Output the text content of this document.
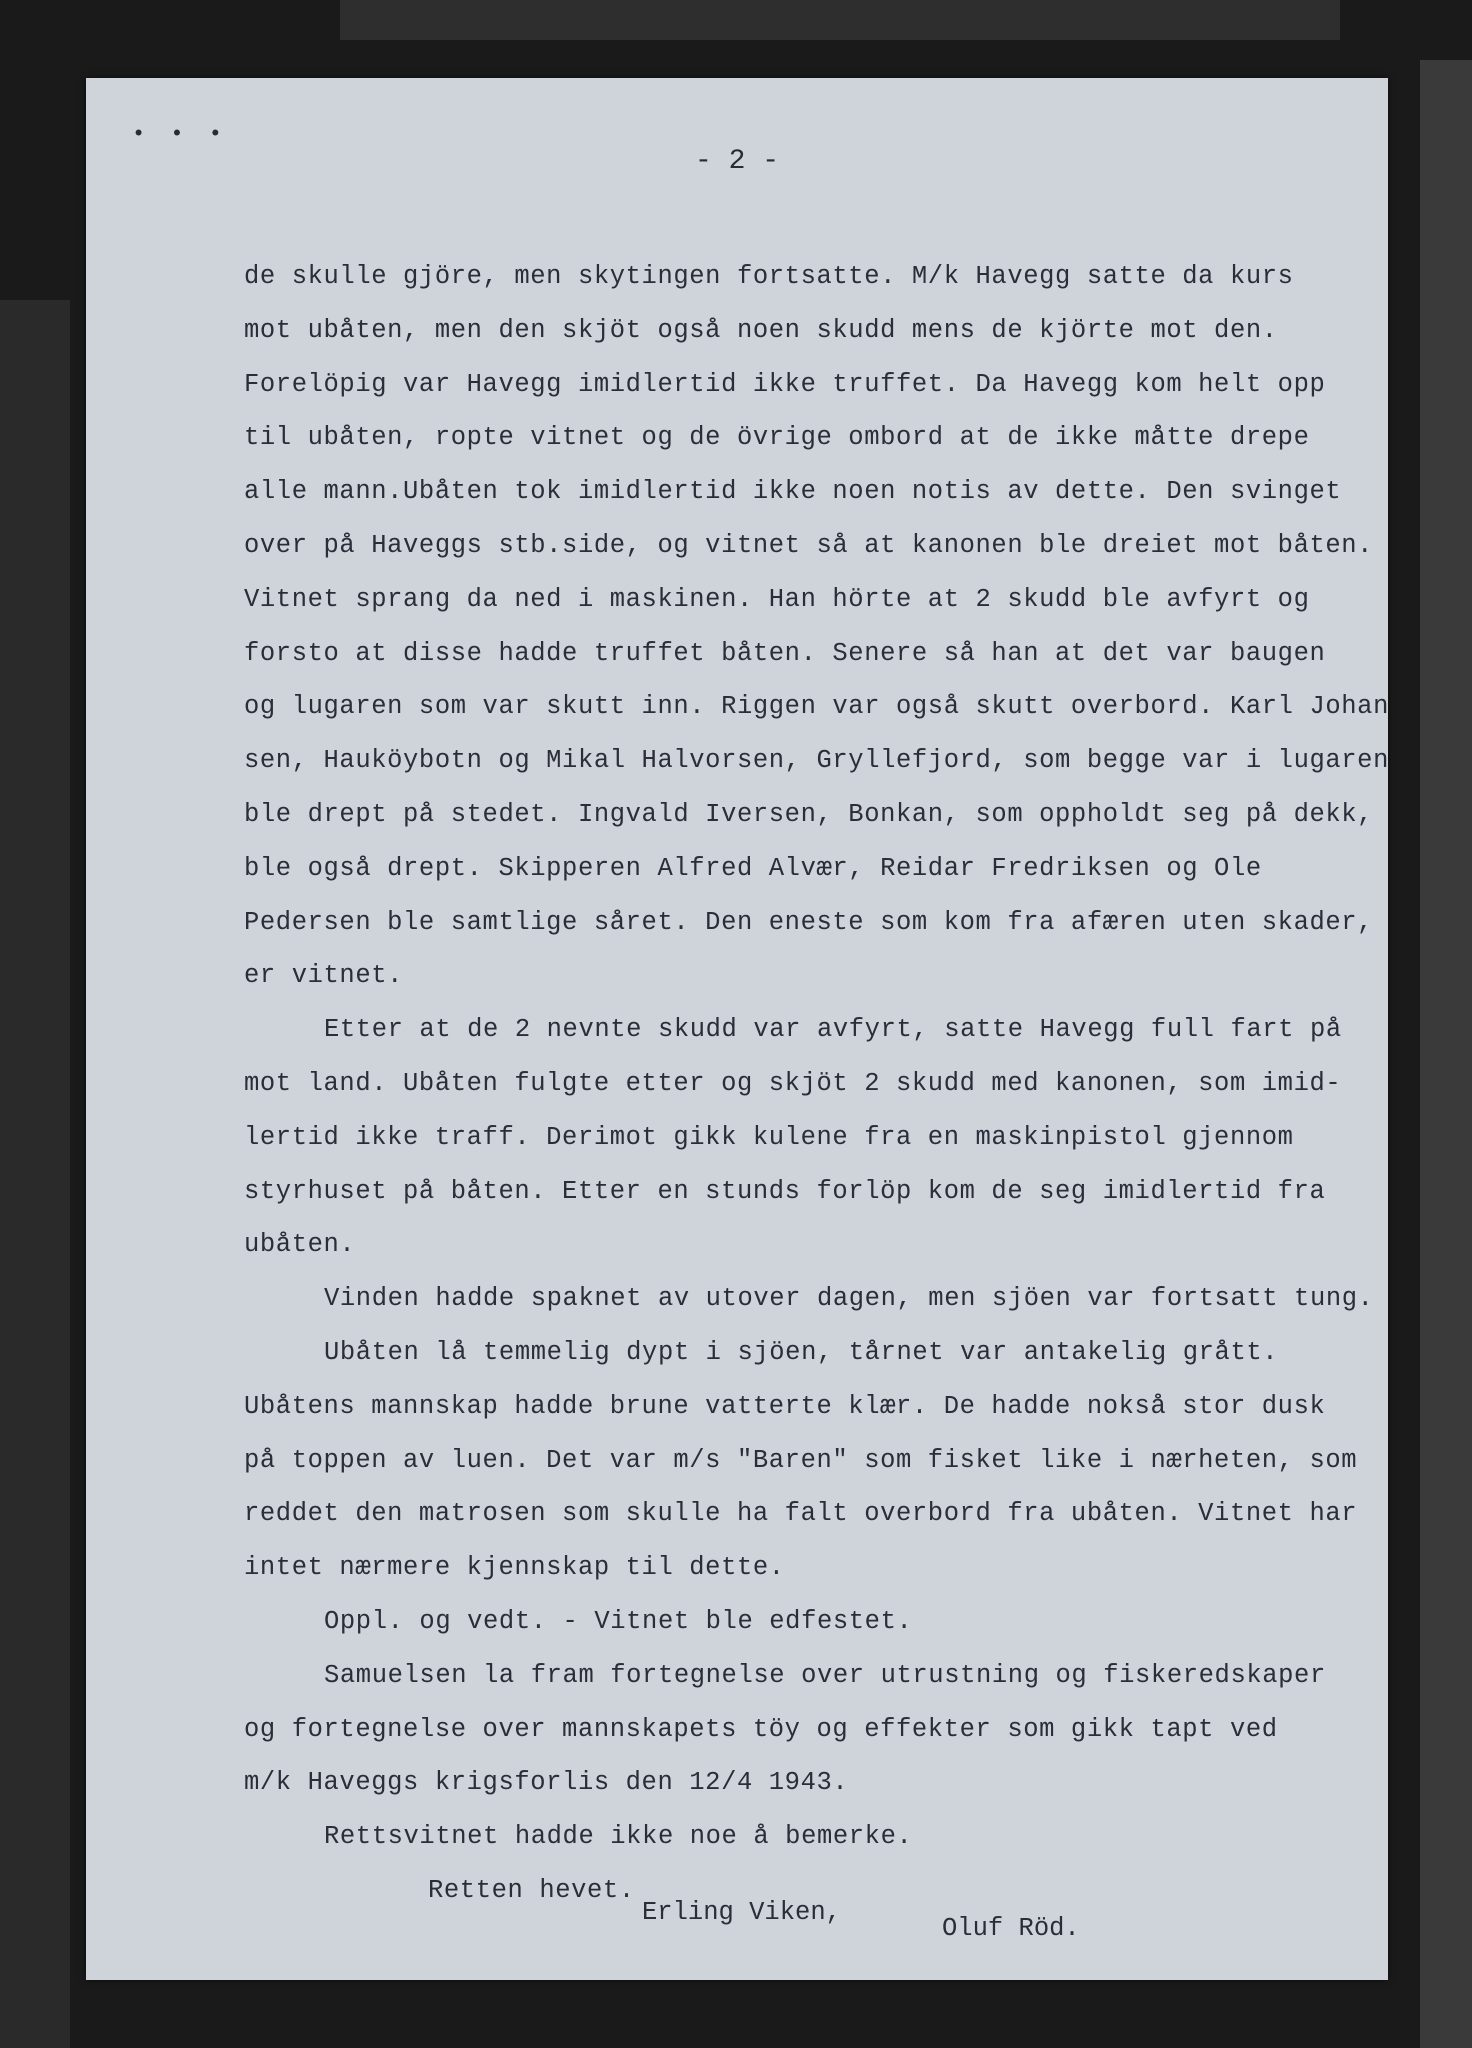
• • •
- 2 -
de skulle gjöre, men skytingen fortsatte. M/k Havegg satte da kurs
mot ubåten, men den skjöt også noen skudd mens de kjörte mot den.
Forelöpig var Havegg imidlertid ikke truffet. Da Havegg kom helt opp
til ubåten, ropte vitnet og de övrige ombord at de ikke måtte drepe
alle mann.Ubåten tok imidlertid ikke noen notis av dette. Den svinget
over på Haveggs stb.side, og vitnet så at kanonen ble dreiet mot båten.
Vitnet sprang da ned i maskinen. Han hörte at 2 skudd ble avfyrt og
forsto at disse hadde truffet båten. Senere så han at det var baugen
og lugaren som var skutt inn. Riggen var også skutt overbord. Karl Johan
sen, Hauköybotn og Mikal Halvorsen, Gryllefjord, som begge var i lugaren
ble drept på stedet. Ingvald Iversen, Bonkan, som oppholdt seg på dekk,
ble også drept. Skipperen Alfred Alvær, Reidar Fredriksen og Ole
Pedersen ble samtlige såret. Den eneste som kom fra afæren uten skader,
er vitnet.
Etter at de 2 nevnte skudd var avfyrt, satte Havegg full fart på
mot land. Ubåten fulgte etter og skjöt 2 skudd med kanonen, som imid-
lertid ikke traff. Derimot gikk kulene fra en maskinpistol gjennom
styrhuset på båten. Etter en stunds forlöp kom de seg imidlertid fra
ubåten.
Vinden hadde spaknet av utover dagen, men sjöen var fortsatt tung.
Ubåten lå temmelig dypt i sjöen, tårnet var antakelig grått.
Ubåtens mannskap hadde brune vatterte klær. De hadde nokså stor dusk
på toppen av luen. Det var m/s "Baren" som fisket like i nærheten, som
reddet den matrosen som skulle ha falt overbord fra ubåten. Vitnet har
intet nærmere kjennskap til dette.
Oppl. og vedt. - Vitnet ble edfestet.
Samuelsen la fram fortegnelse over utrustning og fiskeredskaper
og fortegnelse over mannskapets töy og effekter som gikk tapt ved
m/k Haveggs krigsforlis den 12/4 1943.
Rettsvitnet hadde ikke noe å bemerke.
Retten hevet.
Erling Viken,
Oluf Röd.
